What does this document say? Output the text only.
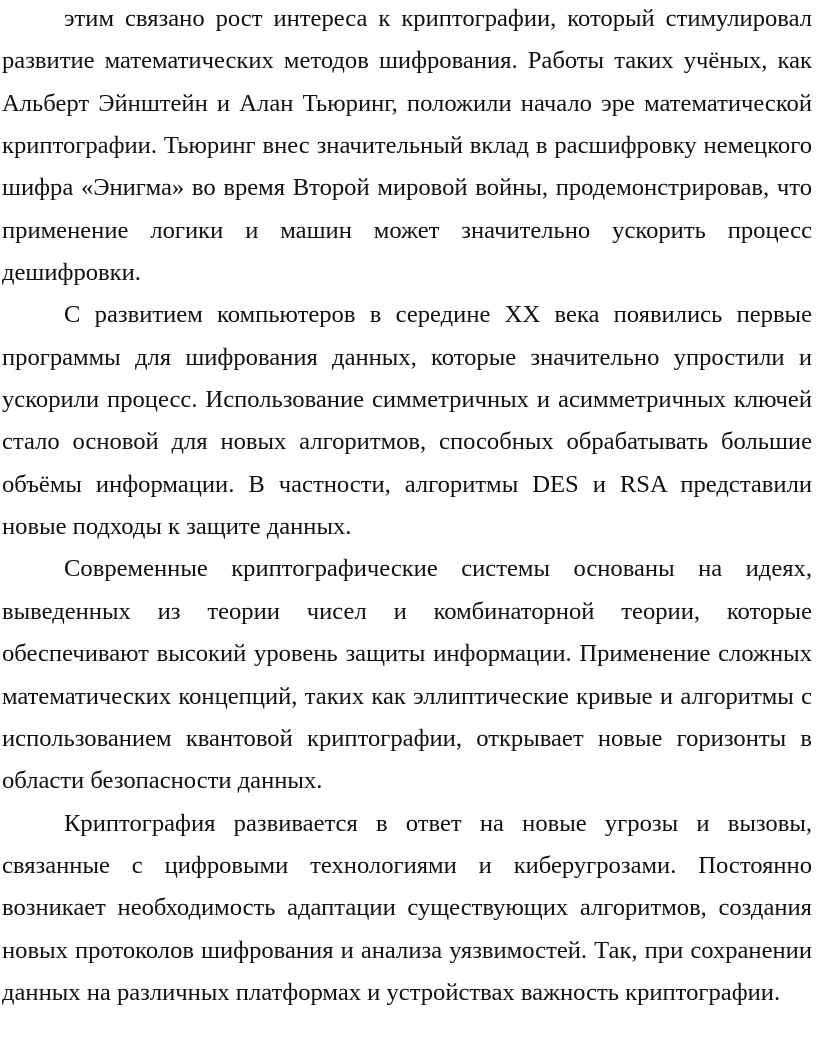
этим связано рост интереса к криптографии, который стимулировал развитие математических методов шифрования. Работы таких учёных, как Альберт Эйнштейн и Алан Тьюринг, положили начало эре математической криптографии. Тьюринг внес значительный вклад в расшифровку немецкого шифра «Энигма» во время Второй мировой войны, продемонстрировав, что применение логики и машин может значительно ускорить процесс дешифровки.

С развитием компьютеров в середине XX века появились первые программы для шифрования данных, которые значительно упростили и ускорили процесс. Использование симметричных и асимметричных ключей стало основой для новых алгоритмов, способных обрабатывать большие объёмы информации. В частности, алгоритмы DES и RSA представили новые подходы к защите данных.

Современные криптографические системы основаны на идеях, выведенных из теории чисел и комбинаторной теории, которые обеспечивают высокий уровень защиты информации. Применение сложных математических концепций, таких как эллиптические кривые и алгоритмы с использованием квантовой криптографии, открывает новые горизонты в области безопасности данных.

Криптография развивается в ответ на новые угрозы и вызовы, связанные с цифровыми технологиями и киберугрозами. Постоянно возникает необходимость адаптации существующих алгоритмов, создания новых протоколов шифрования и анализа уязвимостей. Так, при сохранении данных на различных платформах и устройствах важность криптографии.
